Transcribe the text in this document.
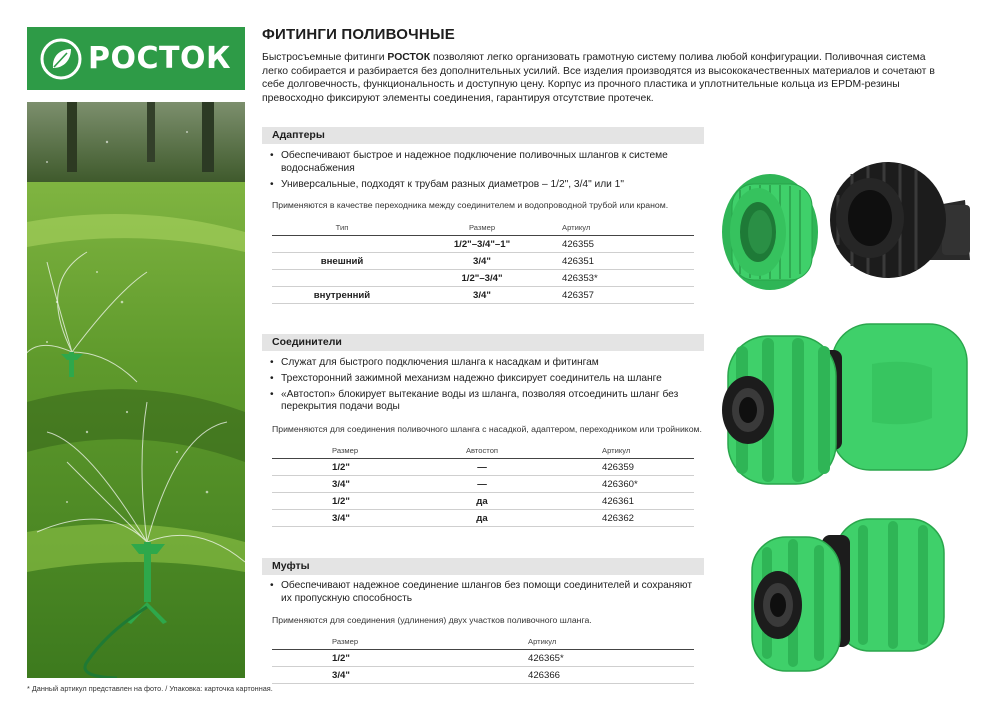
РОСТОК
ФИТИНГИ ПОЛИВОЧНЫЕ
Быстросъемные фитинги РОСТОК позволяют легко организовать грамотную систему полива любой конфигурации. Поливочная система легко собирается и разбирается без дополнительных усилий. Все изделия производятся из высококачественных материалов и сочетают в себе долговечность, функциональность и доступную цену. Корпус из прочного пластика и уплотнительные кольца из EPDM-резины превосходно фиксируют элементы соединения, гарантируя отсутствие протечек.
Адаптеры
• Обеспечивают быстрое и надежное подключение поливочных шлангов к системе водоснабжения
• Универсальные, подходят к трубам разных диаметров – 1/2", 3/4" или 1"
Применяются в качестве переходника между соединителем и водопроводной трубой или краном.
Тип	Размер	Артикул
	1/2"–3/4"–1"	426355
внешний	3/4"	426351
	1/2"–3/4"	426353*
внутренний	3/4"	426357
Соединители
• Служат для быстрого подключения шланга к насадкам и фитингам
• Трехсторонний зажимной механизм надежно фиксирует соединитель на шланге
• «Автостоп» блокирует вытекание воды из шланга, позволяя отсоединить шланг без перекрытия подачи воды
Применяются для соединения поливочного шланга с насадкой, адаптером, переходником или тройником.
Размер	Автостоп	Артикул
1/2"	—	426359
3/4"	—	426360*
1/2"	да	426361
3/4"	да	426362
Муфты
• Обеспечивают надежное соединение шлангов без помощи соединителей и сохраняют их пропускную способность
Применяются для соединения (удлинения) двух участков поливочного шланга.
Размер	Артикул
1/2"	426365*
3/4"	426366
* Данный артикул представлен на фото. / Упаковка: карточка картонная.
